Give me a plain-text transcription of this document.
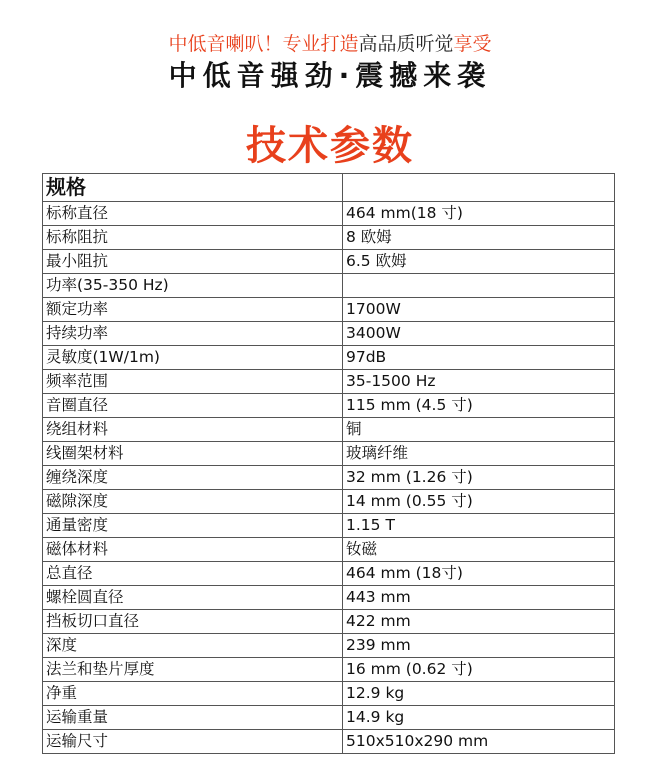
中低音喇叭！专业打造高品质听觉享受
中低音强劲·震撼来袭
技术参数
规格	
标称直径	464 mm(18 寸)
标称阻抗	8 欧姆
最小阻抗	6.5 欧姆
功率(35-350 Hz)	
额定功率	1700W
持续功率	3400W
灵敏度(1W/1m)	97dB
频率范围	35-1500 Hz
音圈直径	115 mm (4.5 寸)
绕组材料	铜
线圈架材料	玻璃纤维
缠绕深度	32 mm (1.26 寸)
磁隙深度	14 mm (0.55 寸)
通量密度	1.15 T
磁体材料	钕磁
总直径	464 mm (18寸)
螺栓圆直径	443 mm
挡板切口直径	422 mm
深度	239 mm
法兰和垫片厚度	16 mm (0.62 寸)
净重	12.9 kg
运输重量	14.9 kg
运输尺寸	510x510x290 mm
